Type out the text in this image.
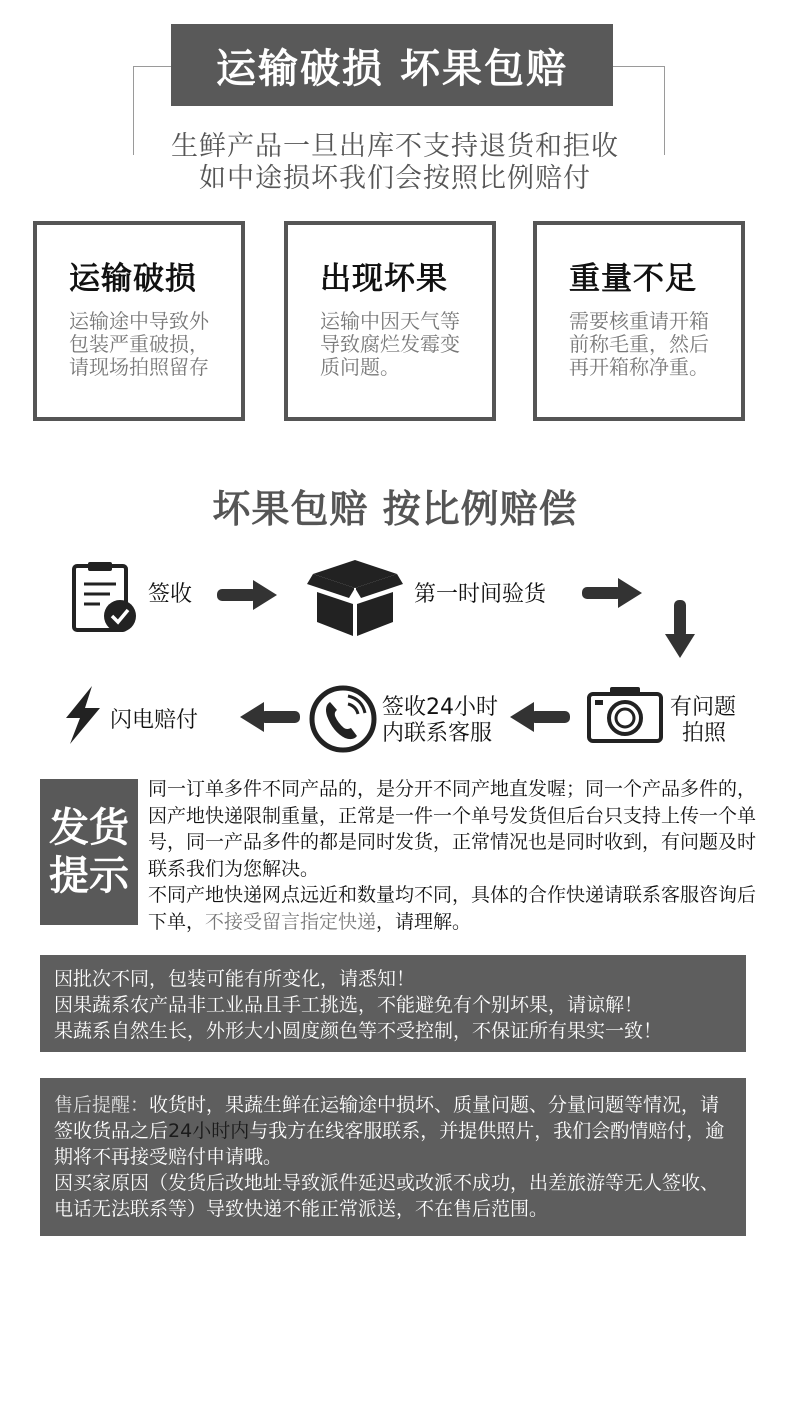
运输破损 坏果包赔
生鲜产品一旦出库不支持退货和拒收
如中途损坏我们会按照比例赔付
运输破损

运输途中导致外包装严重破损，请现场拍照留存

出现坏果

运输中因天气等导致腐烂发霉变质问题。

重量不足

需要核重请开箱前称毛重，然后再开箱称净重。

坏果包赔 按比例赔偿
签收	第一时间验货
有问题
拍照
签收24小时
内联系客服
闪电赔付
发货
提示
同一订单多件不同产品的，是分开不同产地直发喔；同一个产品多件的，因产地快递限制重量，正常是一件一个单号发货但后台只支持上传一个单号，同一产品多件的都是同时发货，正常情况也是同时收到，有问题及时联系我们为您解决。
不同产地快递网点远近和数量均不同，具体的合作快递请联系客服咨询后下单，不接受留言指定快递，请理解。
因批次不同，包装可能有所变化，请悉知！
因果蔬系农产品非工业品且手工挑选，不能避免有个别坏果，请谅解！
果蔬系自然生长，外形大小圆度颜色等不受控制，不保证所有果实一致！
售后提醒：收货时，果蔬生鲜在运输途中损坏、质量问题、分量问题等情况，请签收货品之后24小时内与我方在线客服联系，并提供照片，我们会酌情赔付，逾期将不再接受赔付申请哦。
因买家原因（发货后改地址导致派件延迟或改派不成功，出差旅游等无人签收、电话无法联系等）导致快递不能正常派送，不在售后范围。
